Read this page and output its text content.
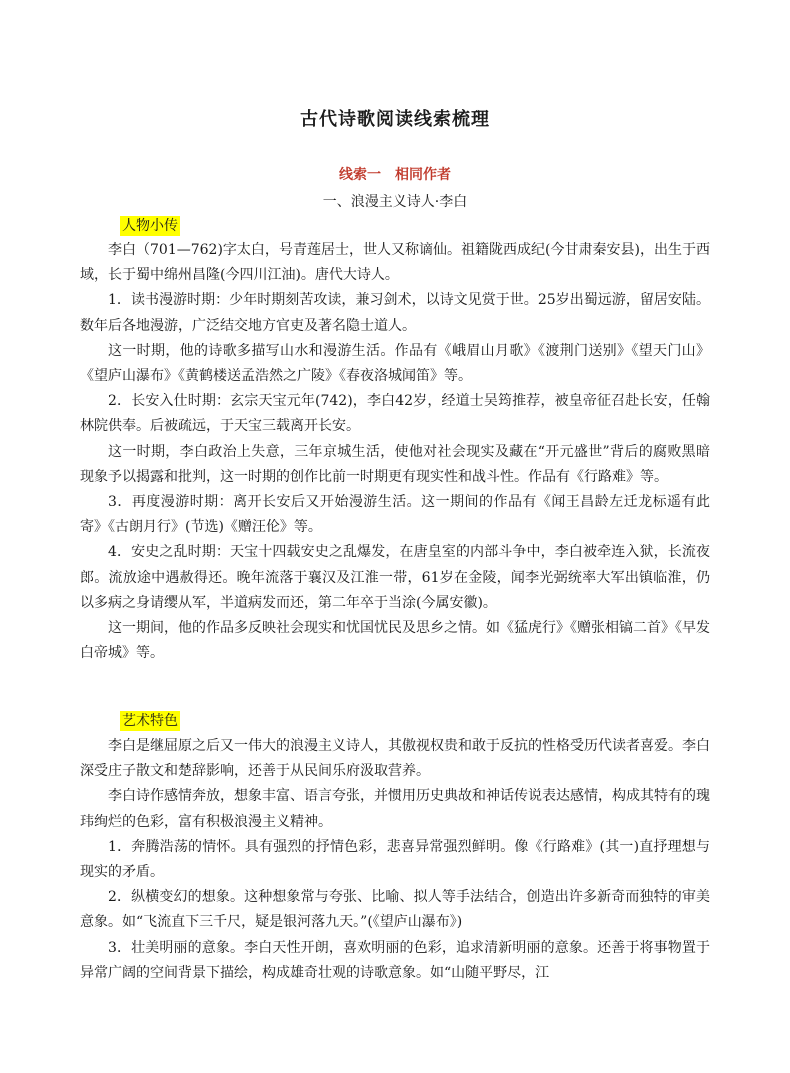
古代诗歌阅读线索梳理
线索一　相同作者
一、浪漫主义诗人·李白
人物小传

李白（701—762)字太白，号青莲居士，世人又称谪仙。祖籍陇西成纪(今甘肃秦安县)，出生于西域，长于蜀中绵州昌隆(今四川江油)。唐代大诗人。

1．读书漫游时期：少年时期刻苦攻读，兼习剑术，以诗文见赏于世。25岁出蜀远游，留居安陆。数年后各地漫游，广泛结交地方官吏及著名隐士道人。

这一时期，他的诗歌多描写山水和漫游生活。作品有《峨眉山月歌》《渡荆门送别》《望天门山》《望庐山瀑布》《黄鹤楼送孟浩然之广陵》《春夜洛城闻笛》等。

2．长安入仕时期：玄宗天宝元年(742)，李白42岁，经道士吴筠推荐，被皇帝征召赴长安，任翰林院供奉。后被疏远，于天宝三载离开长安。

这一时期，李白政治上失意，三年京城生活，使他对社会现实及藏在“开元盛世”背后的腐败黑暗现象予以揭露和批判，这一时期的创作比前一时期更有现实性和战斗性。作品有《行路难》等。

3．再度漫游时期：离开长安后又开始漫游生活。这一期间的作品有《闻王昌龄左迁龙标遥有此寄》《古朗月行》(节选)《赠汪伦》等。

4．安史之乱时期：天宝十四载安史之乱爆发，在唐皇室的内部斗争中，李白被牵连入狱，长流夜郎。流放途中遇赦得还。晚年流落于襄汉及江淮一带，61岁在金陵，闻李光弼统率大军出镇临淮，仍以多病之身请缨从军，半道病发而还，第二年卒于当涂(今属安徽)。

这一期间，他的作品多反映社会现实和忧国忧民及思乡之情。如《猛虎行》《赠张相镐二首》《早发白帝城》等。

艺术特色

李白是继屈原之后又一伟大的浪漫主义诗人，其傲视权贵和敢于反抗的性格受历代读者喜爱。李白深受庄子散文和楚辞影响，还善于从民间乐府汲取营养。

李白诗作感情奔放，想象丰富、语言夸张，并惯用历史典故和神话传说表达感情，构成其特有的瑰玮绚烂的色彩，富有积极浪漫主义精神。

1．奔腾浩荡的情怀。具有强烈的抒情色彩，悲喜异常强烈鲜明。像《行路难》(其一)直抒理想与现实的矛盾。

2．纵横变幻的想象。这种想象常与夸张、比喻、拟人等手法结合，创造出许多新奇而独特的审美意象。如“飞流直下三千尺，疑是银河落九天。”(《望庐山瀑布》)

3．壮美明丽的意象。李白天性开朗，喜欢明丽的色彩，追求清新明丽的意象。还善于将事物置于异常广阔的空间背景下描绘，构成雄奇壮观的诗歌意象。如“山随平野尽，江
